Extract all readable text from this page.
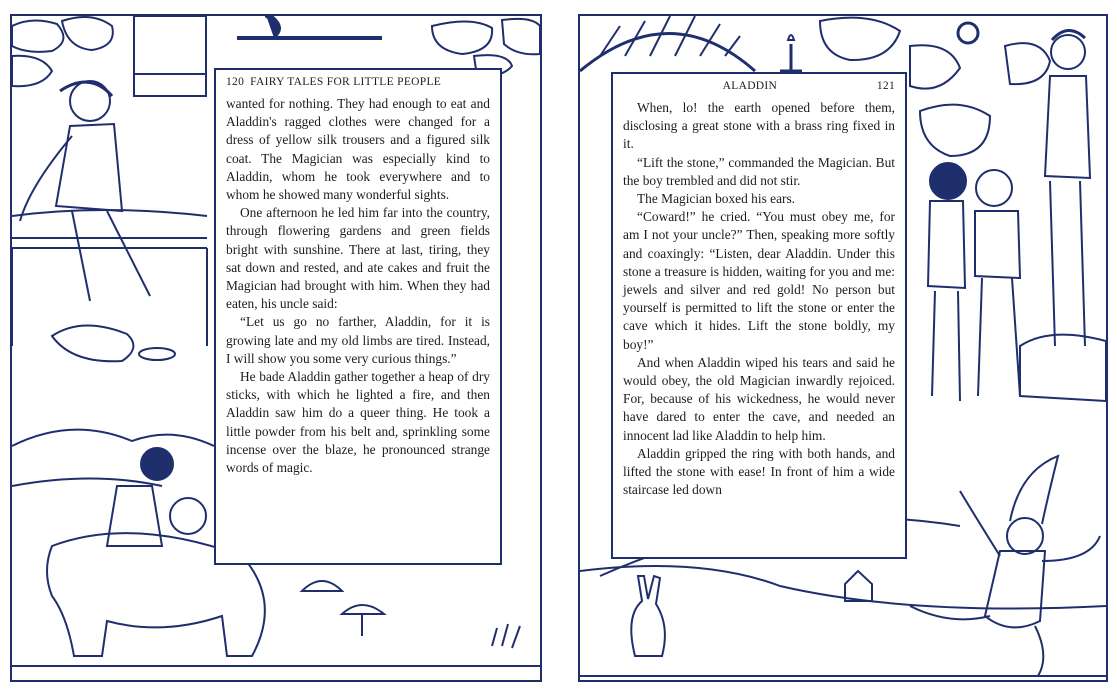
120 FAIRY TALES FOR LITTLE PEOPLE

wanted for nothing. They had enough to eat and Aladdin's ragged clothes were changed for a dress of yellow silk trousers and a figured silk coat. The Magician was especially kind to Aladdin, whom he took everywhere and to whom he showed many wonderful sights.

One afternoon he led him far into the country, through flowering gardens and green fields bright with sunshine. There at last, tiring, they sat down and rested, and ate cakes and fruit the Magician had brought with him. When they had eaten, his uncle said:

“Let us go no farther, Aladdin, for it is growing late and my old limbs are tired. Instead, I will show you some very curious things.”

He bade Aladdin gather together a heap of dry sticks, with which he lighted a fire, and then Aladdin saw him do a queer thing. He took a little powder from his belt and, sprinkling some incense over the blaze, he pronounced strange words of magic.

ALADDIN	121

When, lo! the earth opened before them, disclosing a great stone with a brass ring fixed in it.

“Lift the stone,” commanded the Magician. But the boy trembled and did not stir.

The Magician boxed his ears.

“Coward!” he cried. “You must obey me, for am I not your uncle?” Then, speaking more softly and coaxingly: “Listen, dear Aladdin. Under this stone a treasure is hidden, waiting for you and me: jewels and silver and red gold! No person but yourself is permitted to lift the stone or enter the cave which it hides. Lift the stone boldly, my boy!”

And when Aladdin wiped his tears and said he would obey, the old Magician inwardly rejoiced. For, because of his wickedness, he would never have dared to enter the cave, and needed an innocent lad like Aladdin to help him.

Aladdin gripped the ring with both hands, and lifted the stone with ease! In front of him a wide staircase led down
